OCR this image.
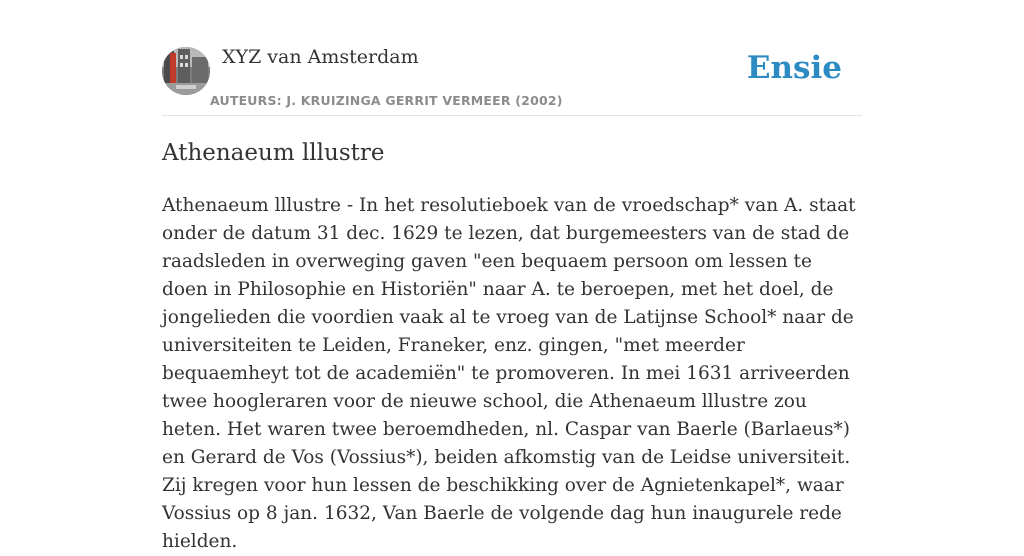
XYZ van Amsterdam
AUTEURS: J. KRUIZINGA GERRIT VERMEER (2002)
Ensie
Athenaeum lllustre

Athenaeum lllustre - In het resolutieboek van de vroedschap* van A. staat onder de datum 31 dec. 1629 te lezen, dat burgemeesters van de stad de raadsleden in overweging gaven "een bequaem persoon om lessen te doen in Philosophie en Historiën" naar A. te beroepen, met het doel, de jongelieden die voordien vaak al te vroeg van de Latijnse School* naar de universiteiten te Leiden, Franeker, enz. gingen, "met meerder bequaemheyt tot de academiën" te promoveren. In mei 1631 arriveerden twee hoogleraren voor de nieuwe school, die Athenaeum lllustre zou heten. Het waren twee beroemdheden, nl. Caspar van Baerle (Barlaeus*) en Gerard de Vos (Vossius*), beiden afkomstig van de Leidse universiteit. Zij kregen voor hun lessen de beschikking over de Agnietenkapel*, waar Vossius op 8 jan. 1632, Van Baerle de volgende dag hun inaugurele rede hielden.
